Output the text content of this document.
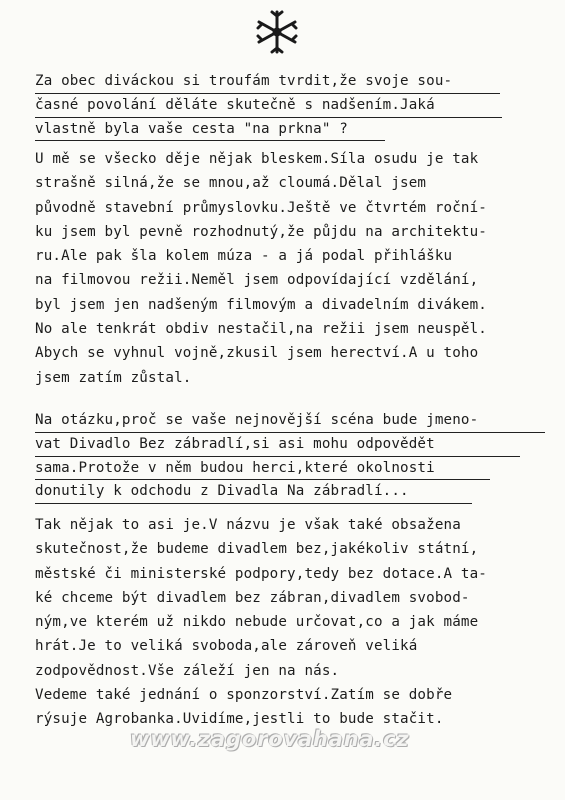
Za obec diváckou si troufám tvrdit,že svoje sou-
časné povolání děláte skutečně s nadšením.Jaká
vlastně byla vaše cesta "na prkna" ?
U mě se všecko děje nějak bleskem.Síla osudu je tak
strašně silná,že se mnou,až cloumá.Dělal jsem
původně stavební průmyslovku.Ještě ve čtvrtém roční-
ku jsem byl pevně rozhodnutý,že půjdu na architektu-
ru.Ale pak šla kolem múza - a já podal přihlášku
na filmovou režii.Neměl jsem odpovídající vzdělání,
byl jsem jen nadšeným filmovým a divadelním divákem.
No ale tenkrát obdiv nestačil,na režii jsem neuspěl.
Abych se vyhnul vojně,zkusil jsem herectví.A u toho
jsem zatím zůstal.
Na otázku,proč se vaše nejnovější scéna bude jmeno-
vat Divadlo Bez zábradlí,si asi mohu odpovědět
sama.Protože v něm budou herci,které okolnosti
donutily k odchodu z Divadla Na zábradlí...
Tak nějak to asi je.V názvu je však také obsažena
skutečnost,že budeme divadlem bez,jakékoliv státní,
městské či ministerské podpory,tedy bez dotace.A ta-
ké chceme být divadlem bez zábran,divadlem svobod-
ným,ve kterém už nikdo nebude určovat,co a jak máme
hrát.Je to veliká svoboda,ale zároveň veliká
zodpovědnost.Vše záleží jen na nás.
Vedeme také jednání o sponzorství.Zatím se dobře
rýsuje Agrobanka.Uvidíme,jestli to bude stačit.
www.zagorovahana.cz
